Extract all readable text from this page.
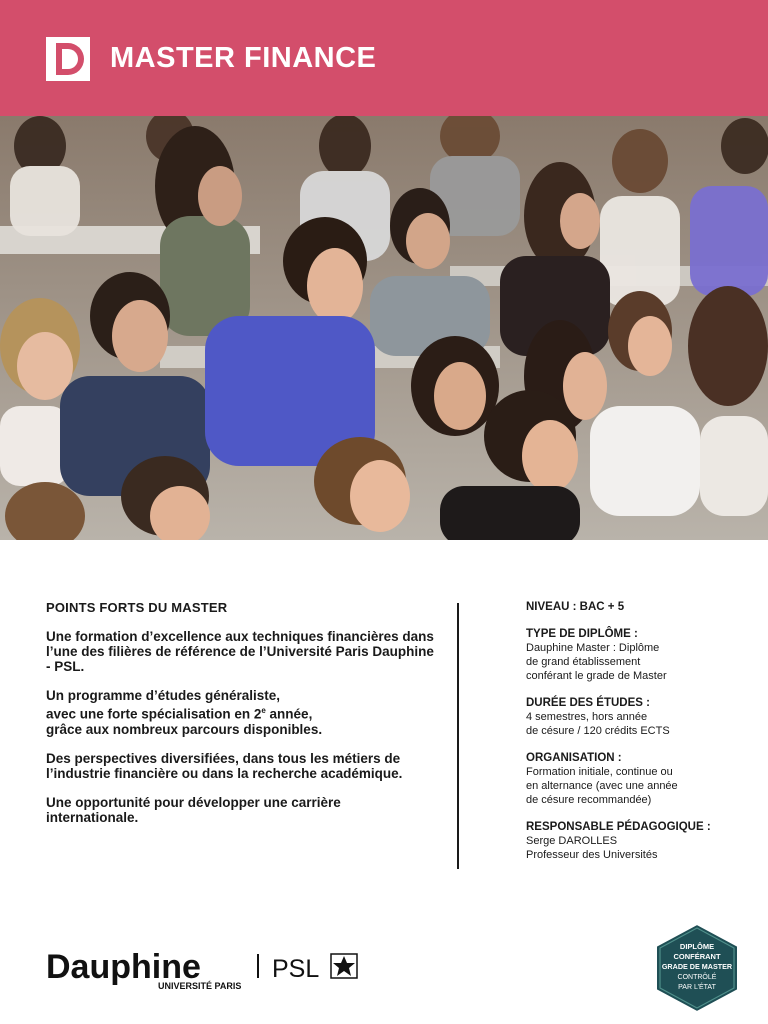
MASTER FINANCE
POINTS FORTS DU MASTER

Une formation d’excellence aux techniques financières dans l’une des filières de référence de l’Université Paris Dauphine - PSL.

Un programme d’études généraliste,
avec une forte spécialisation en 2e année,
grâce aux nombreux parcours disponibles.

Des perspectives diversifiées, dans tous les métiers de l’industrie financière ou dans la recherche académique.

Une opportunité pour développer une carrière internationale.

NIVEAU : BAC + 5
TYPE DE DIPLÔME :
Dauphine Master : Diplôme
de grand établissement
conférant le grade de Master
DURÉE DES ÉTUDES :
4 semestres, hors année
de césure / 120 crédits ECTS
ORGANISATION :
Formation initiale, continue ou
en alternance (avec une année
de césure recommandée)
RESPONSABLE PÉDAGOGIQUE :
Serge DAROLLES
Professeur des Universités
Dauphine
UNIVERSITÉ PARIS
PSL
DIPLÔME
CONFÉRANT
GRADE DE MASTER
CONTRÔLÉ
PAR L’ÉTAT
